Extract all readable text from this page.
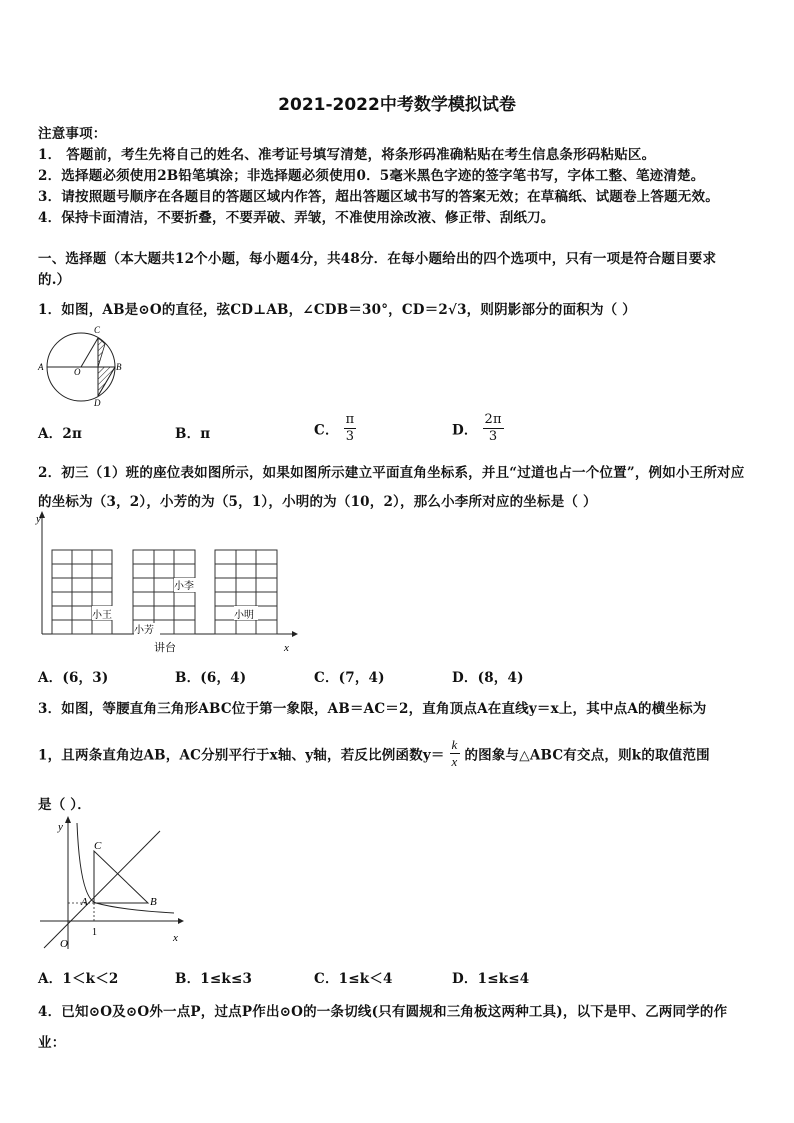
2021-2022中考数学模拟试卷
注意事项：
1． 答题前，考生先将自己的姓名、准考证号填写清楚，将条形码准确粘贴在考生信息条形码粘贴区。
2．选择题必须使用2B铅笔填涂；非选择题必须使用0．5毫米黑色字迹的签字笔书写，字体工整、笔迹清楚。
3．请按照题号顺序在各题目的答题区域内作答，超出答题区域书写的答案无效；在草稿纸、试题卷上答题无效。
4．保持卡面清洁，不要折叠，不要弄破、弄皱，不准使用涂改液、修正带、刮纸刀。
一、选择题（本大题共12个小题，每小题4分，共48分．在每小题给出的四个选项中，只有一项是符合题目要求
的.）
1．如图，AB是⊙O的直径，弦CD⊥AB，∠CDB＝30°，CD＝2√3，则阴影部分的面积为（ ）
C
A	O	B
D
A．2π	B．π	C． $\frac{\pi}{3}$	D． $\frac{2\pi}{3}$
2．初三（1）班的座位表如图所示，如果如图所示建立平面直角坐标系，并且“过道也占一个位置”，例如小王所对应
的坐标为（3，2），小芳的为（5，1），小明的为（10，2），那么小李所对应的坐标是（ ）
y
x
小王
小芳
小李
小明
讲台
A．(6，3)	B．(6，4)	C．(7，4)	D．(8，4)
3．如图，等腰直角三角形ABC位于第一象限，AB＝AC＝2，直角顶点A在直线y＝x上，其中点A的横坐标为
1，且两条直角边AB，AC分别平行于x轴、y轴，若反比例函数$y= \frac{k}{x}$ 的图象与△ABC有交点，则k的取值范围
是（ ）．
y
C
A	B
O
1	x
A．1＜k＜2	B．1≤k≤3	C．1≤k＜4	D．1≤k≤4
4．已知⊙O及⊙O外一点P，过点P作出⊙O的一条切线(只有圆规和三角板这两种工具)，以下是甲、乙两同学的作
业：
